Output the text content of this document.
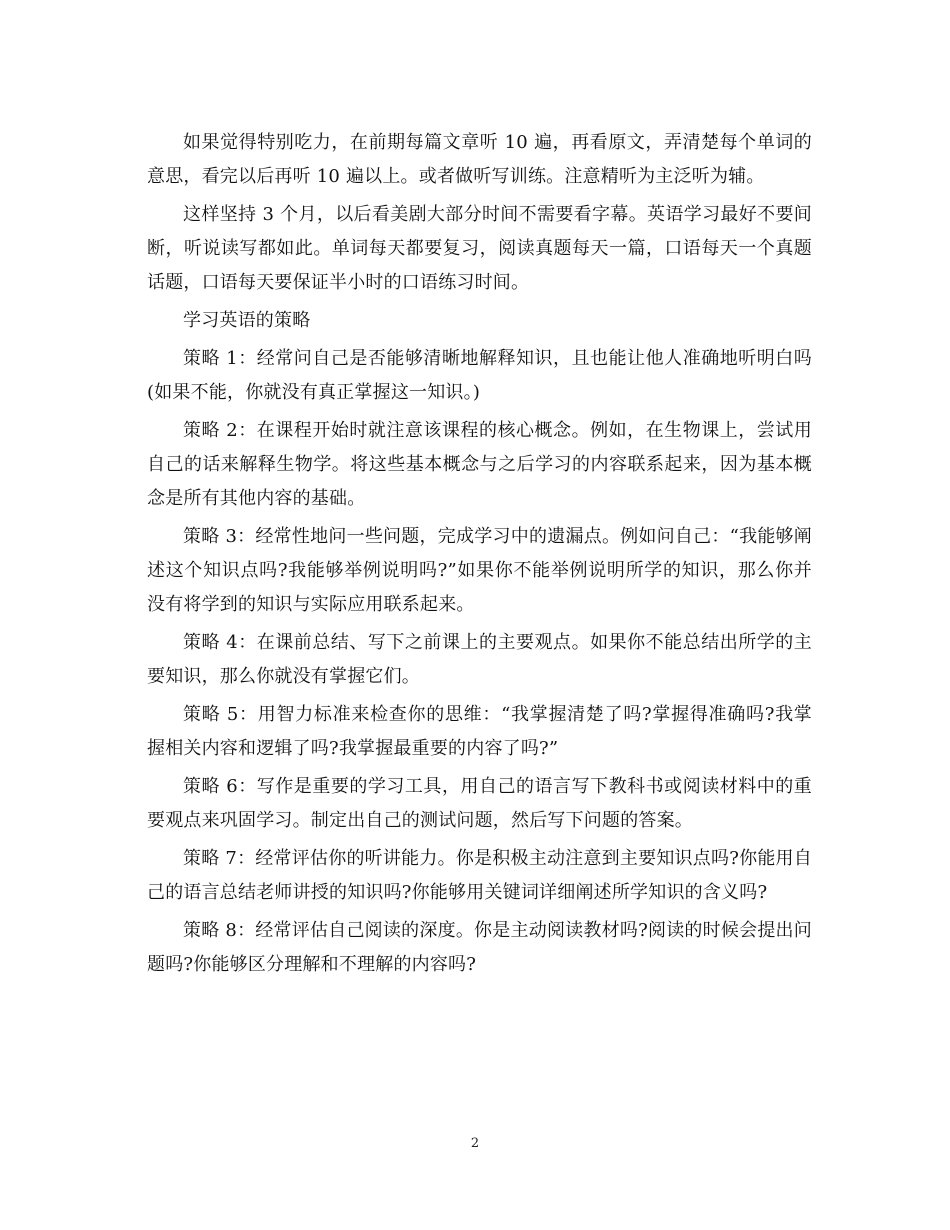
如果觉得特别吃力，在前期每篇文章听 10 遍，再看原文，弄清楚每个单词的意思，看完以后再听 10 遍以上。或者做听写训练。注意精听为主泛听为辅。

这样坚持 3 个月，以后看美剧大部分时间不需要看字幕。英语学习最好不要间断，听说读写都如此。单词每天都要复习，阅读真题每天一篇，口语每天一个真题话题，口语每天要保证半小时的口语练习时间。

学习英语的策略

策略 1：经常问自己是否能够清晰地解释知识，且也能让他人准确地听明白吗(如果不能，你就没有真正掌握这一知识。)

策略 2：在课程开始时就注意该课程的核心概念。例如，在生物课上，尝试用自己的话来解释生物学。将这些基本概念与之后学习的内容联系起来，因为基本概念是所有其他内容的基础。

策略 3：经常性地问一些问题，完成学习中的遗漏点。例如问自己：“我能够阐述这个知识点吗?我能够举例说明吗?”如果你不能举例说明所学的知识，那么你并没有将学到的知识与实际应用联系起来。

策略 4：在课前总结、写下之前课上的主要观点。如果你不能总结出所学的主要知识，那么你就没有掌握它们。

策略 5：用智力标准来检查你的思维：“我掌握清楚了吗?掌握得准确吗?我掌握相关内容和逻辑了吗?我掌握最重要的内容了吗?”

策略 6：写作是重要的学习工具，用自己的语言写下教科书或阅读材料中的重要观点来巩固学习。制定出自己的测试问题，然后写下问题的答案。

策略 7：经常评估你的听讲能力。你是积极主动注意到主要知识点吗?你能用自己的语言总结老师讲授的知识吗?你能够用关键词详细阐述所学知识的含义吗?

策略 8：经常评估自己阅读的深度。你是主动阅读教材吗?阅读的时候会提出问题吗?你能够区分理解和不理解的内容吗?

2
